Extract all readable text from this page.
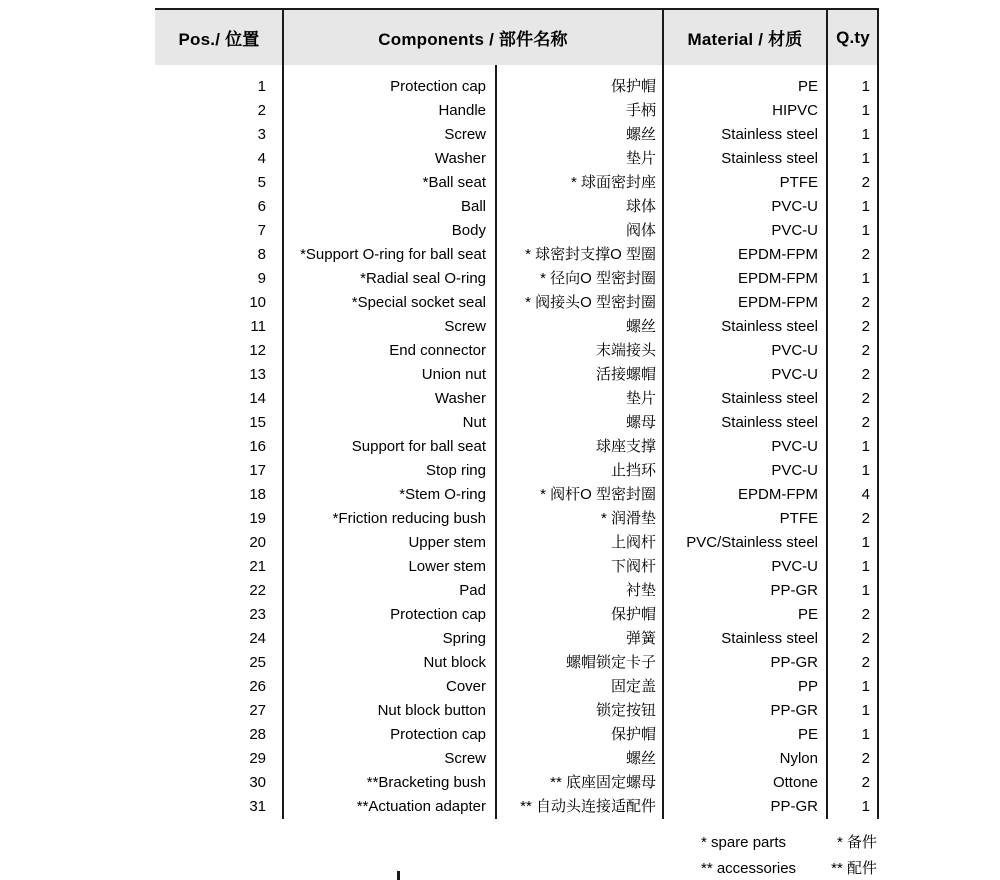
Pos./ 位置	Components / 部件名称	Material / 材质	Q.ty
1	Protection cap	保护帽	PE	1
2	Handle	手柄	HIPVC	1
3	Screw	螺丝	Stainless steel	1
4	Washer	垫片	Stainless steel	1
5	*Ball seat	* 球面密封座	PTFE	2
6	Ball	球体	PVC-U	1
7	Body	阀体	PVC-U	1
8	*Support O-ring for ball seat	* 球密封支撑O 型圈	EPDM-FPM	2
9	*Radial seal O-ring	* 径向O 型密封圈	EPDM-FPM	1
10	*Special socket seal	* 阀接头O 型密封圈	EPDM-FPM	2
11	Screw	螺丝	Stainless steel	2
12	End connector	末端接头	PVC-U	2
13	Union nut	活接螺帽	PVC-U	2
14	Washer	垫片	Stainless steel	2
15	Nut	螺母	Stainless steel	2
16	Support for ball seat	球座支撑	PVC-U	1
17	Stop ring	止挡环	PVC-U	1
18	*Stem O-ring	* 阀杆O 型密封圈	EPDM-FPM	4
19	*Friction reducing bush	* 润滑垫	PTFE	2
20	Upper stem	上阀杆	PVC/Stainless steel	1
21	Lower stem	下阀杆	PVC-U	1
22	Pad	衬垫	PP-GR	1
23	Protection cap	保护帽	PE	2
24	Spring	弹簧	Stainless steel	2
25	Nut block	螺帽锁定卡子	PP-GR	2
26	Cover	固定盖	PP	1
27	Nut block button	锁定按钮	PP-GR	1
28	Protection cap	保护帽	PE	1
29	Screw	螺丝	Nylon	2
30	**Bracketing bush	** 底座固定螺母	Ottone	2
31	**Actuation adapter	** 自动头连接适配件	PP-GR	1
* spare parts	* 备件
** accessories ** 配件
